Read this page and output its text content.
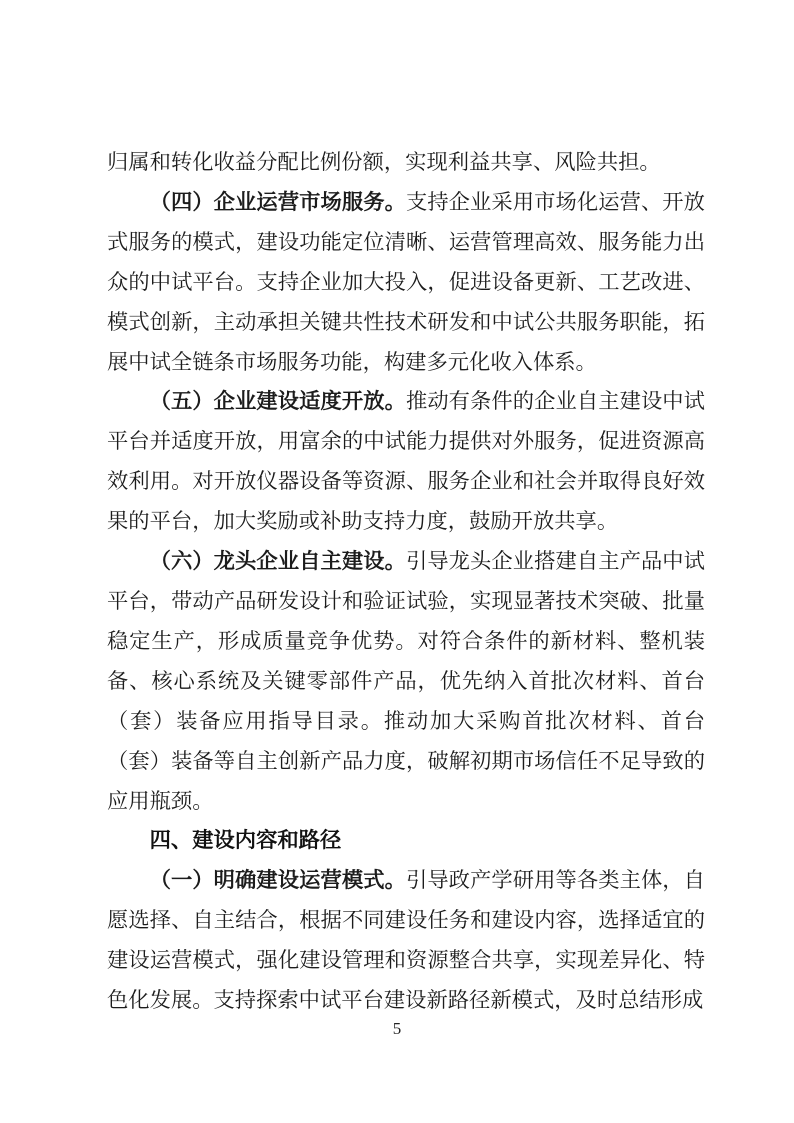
归属和转化收益分配比例份额，实现利益共享、风险共担。

（四）企业运营市场服务。支持企业采用市场化运营、开放式服务的模式，建设功能定位清晰、运营管理高效、服务能力出众的中试平台。支持企业加大投入，促进设备更新、工艺改进、模式创新，主动承担关键共性技术研发和中试公共服务职能，拓展中试全链条市场服务功能，构建多元化收入体系。

（五）企业建设适度开放。推动有条件的企业自主建设中试平台并适度开放，用富余的中试能力提供对外服务，促进资源高效利用。对开放仪器设备等资源、服务企业和社会并取得良好效果的平台，加大奖励或补助支持力度，鼓励开放共享。

（六）龙头企业自主建设。引导龙头企业搭建自主产品中试平台，带动产品研发设计和验证试验，实现显著技术突破、批量稳定生产，形成质量竞争优势。对符合条件的新材料、整机装备、核心系统及关键零部件产品，优先纳入首批次材料、首台（套）装备应用指导目录。推动加大采购首批次材料、首台（套）装备等自主创新产品力度，破解初期市场信任不足导致的应用瓶颈。

四、建设内容和路径

（一）明确建设运营模式。引导政产学研用等各类主体，自愿选择、自主结合，根据不同建设任务和建设内容，选择适宜的建设运营模式，强化建设管理和资源整合共享，实现差异化、特色化发展。支持探索中试平台建设新路径新模式，及时总结形成

5
